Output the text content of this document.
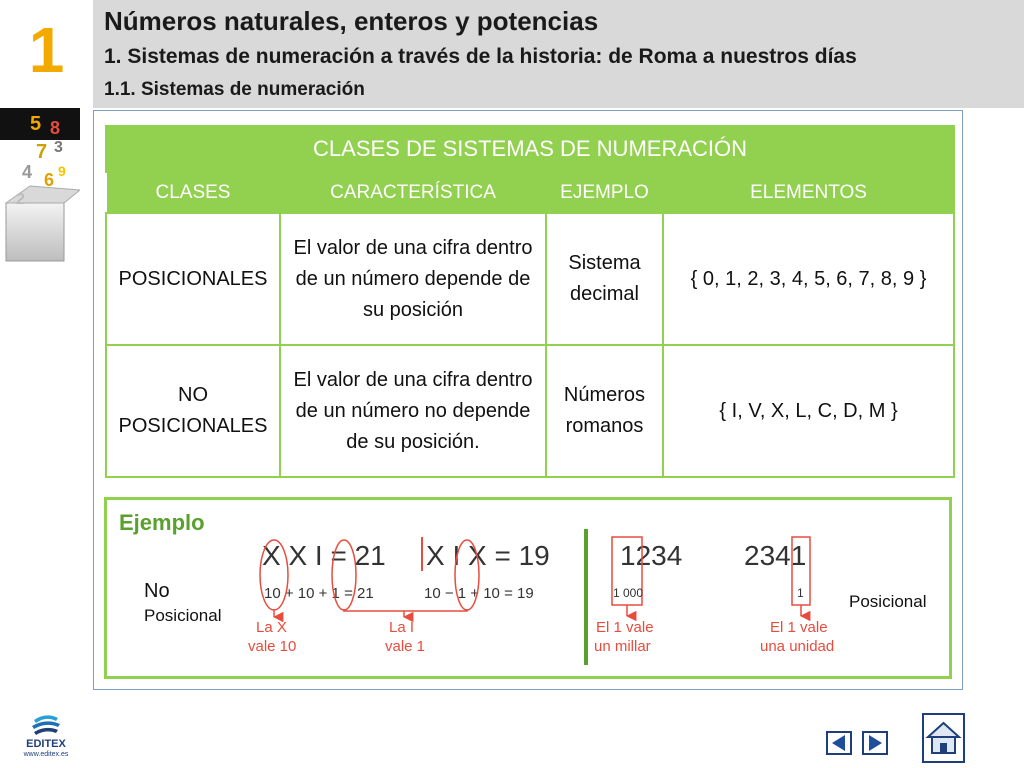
1	Números naturales, enteros y potencias
1. Sistemas de numeración a través de la historia: de Roma a nuestros días
1.1. Sistemas de numeración
5 8
7 3
4 6
2
9
CLASES DE SISTEMAS DE NUMERACIÓN			
CLASES	CARACTERÍSTICA	EJEMPLO	ELEMENTOS
POSICIONALES	El valor de una cifra dentro de un número depende de su posición	Sistema decimal	{ 0, 1, 2, 3, 4, 5, 6, 7, 8, 9 }
NO POSICIONALES	El valor de una cifra dentro de un número no depende de su posición.	Números romanos	{ I, V, X, L, C, D, M }
Ejemplo
No
Posicional
X X I = 21
10 + 10 + 1 = 21
X I X = 19
10 − 1 + 10 = 19
La X
vale 10
La I
vale 1
1234
1 000
El 1 vale
un millar
2341
1
El 1 vale
una unidad
Posicional
EDITEX
www.editex.es
